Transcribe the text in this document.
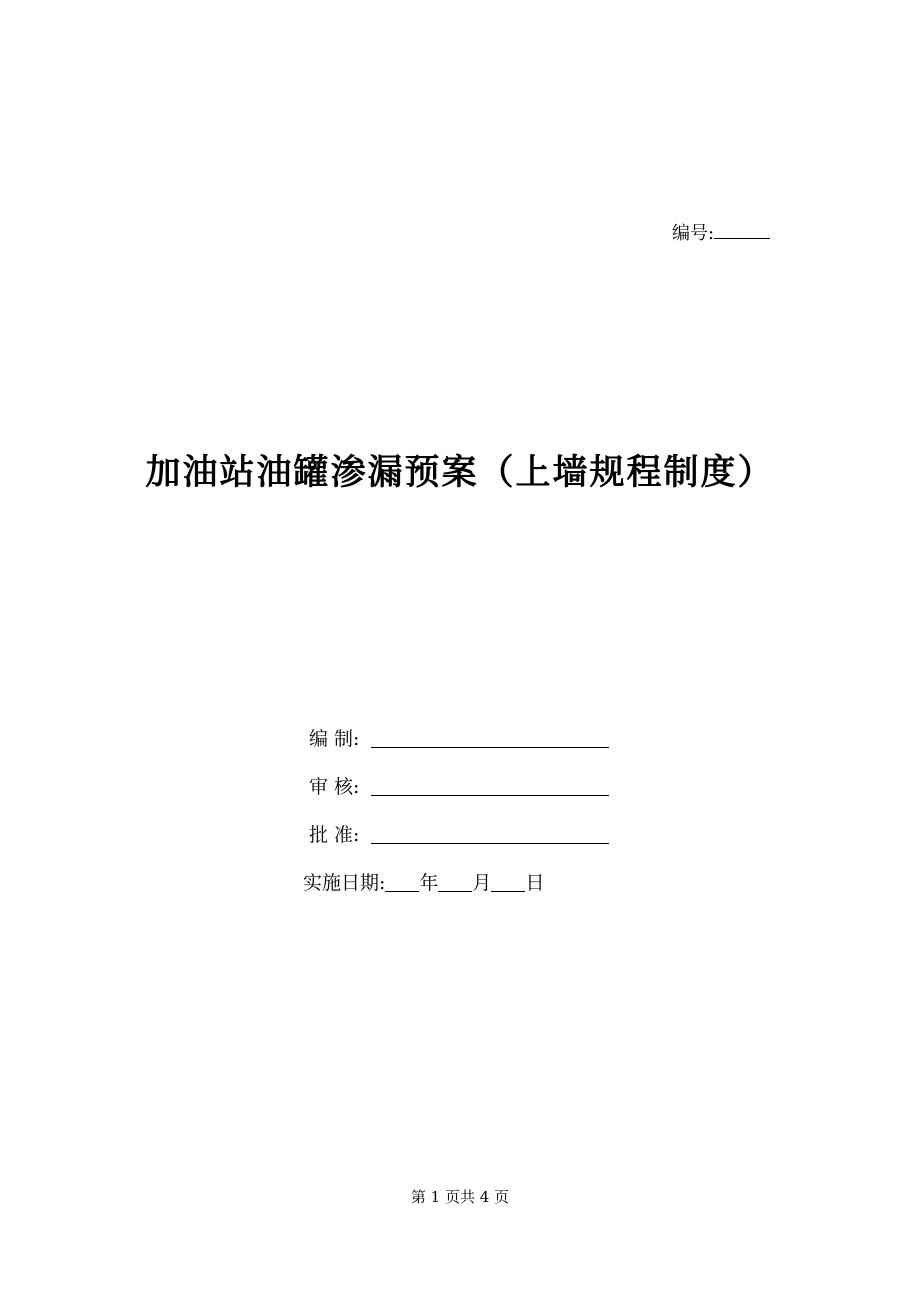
编号:
加油站油罐渗漏预案（上墙规程制度）
编 制:
审 核:
批 准:
实施日期: 年 月 日
第 1 页共 4 页
